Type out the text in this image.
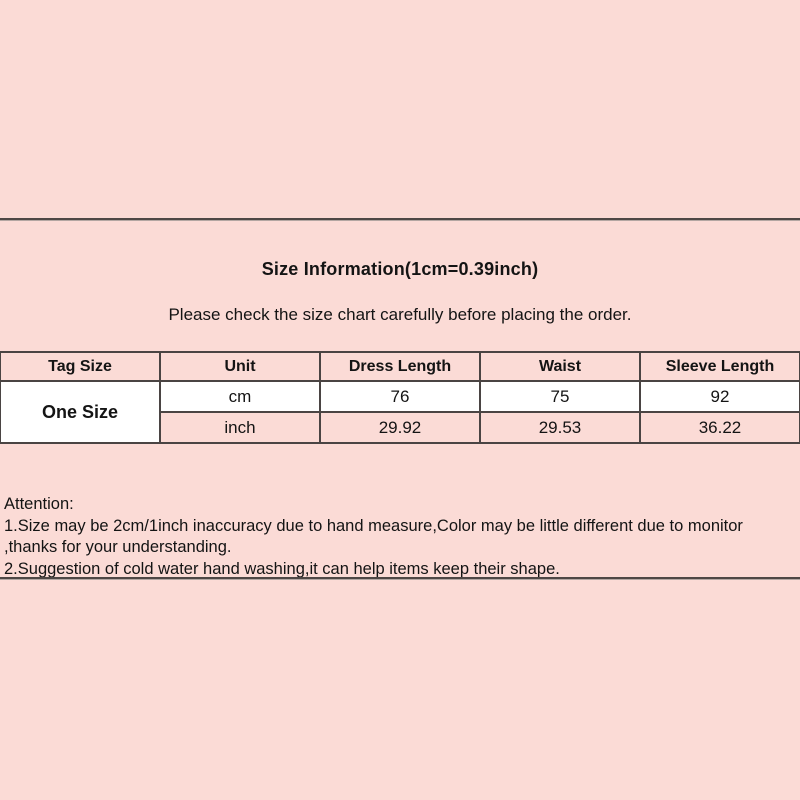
Size Information(1cm=0.39inch)

Please check the size chart carefully before placing the order.

Tag Size	Unit	Dress Length	Waist	Sleeve Length
One Size	cm	76	75	92
	inch	29.92	29.53	36.22
Attention:
1.Size may be 2cm/1inch inaccuracy due to hand measure,Color may be little different due to monitor
,thanks for your understanding.
2.Suggestion of cold water hand washing,it can help items keep their shape.
